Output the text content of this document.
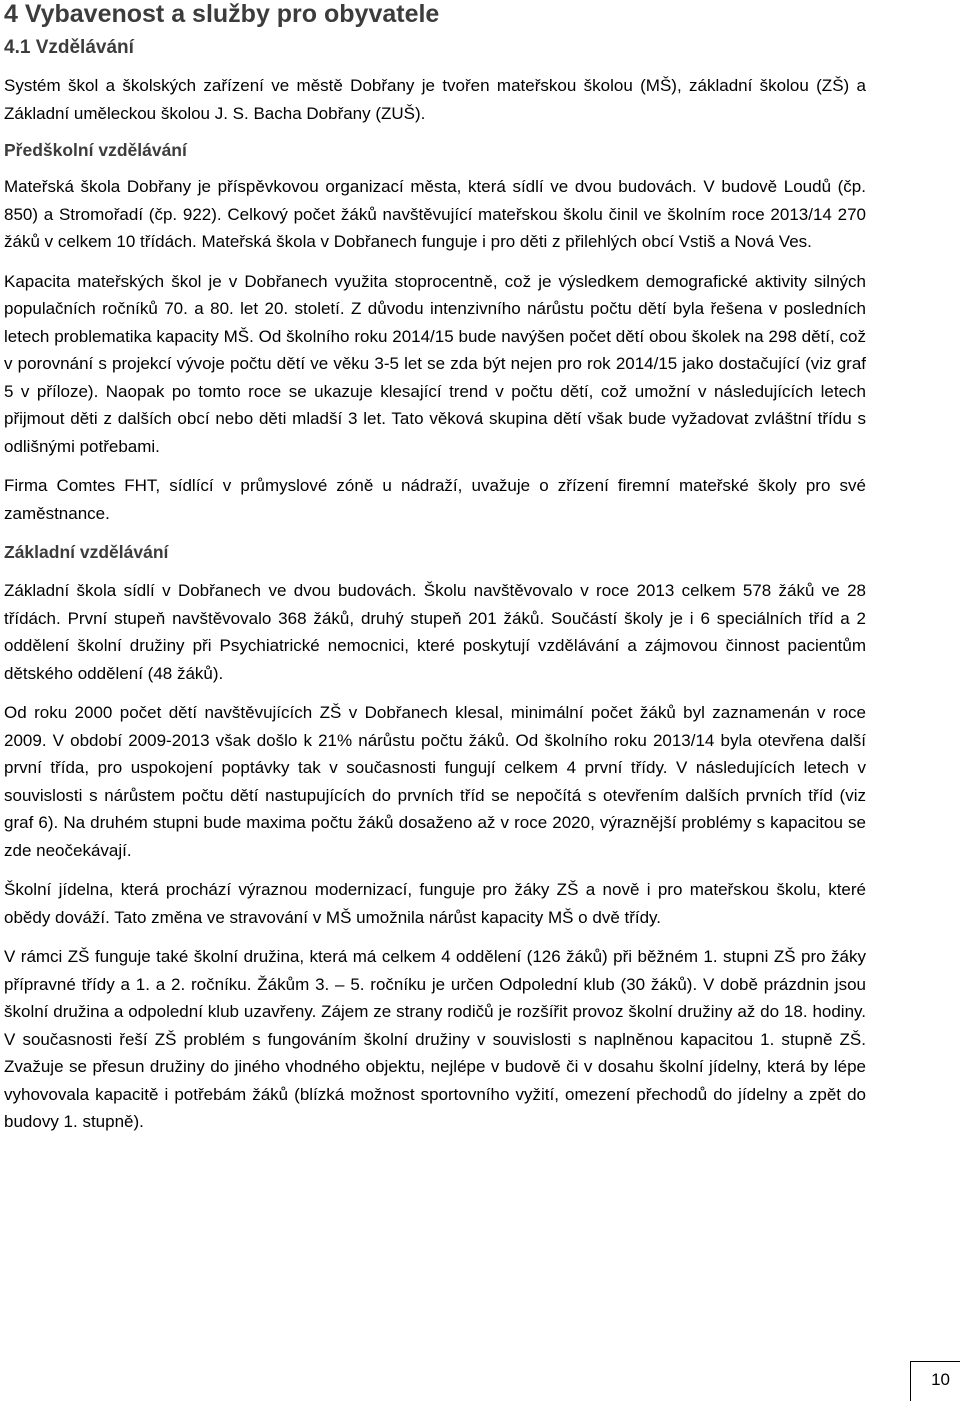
4 Vybavenost a služby pro obyvatele
4.1 Vzdělávání

Systém škol a školských zařízení ve městě Dobřany je tvořen mateřskou školou (MŠ), základní školou (ZŠ) a Základní uměleckou školou J. S. Bacha Dobřany (ZUŠ).

Předškolní vzdělávání

Mateřská škola Dobřany je příspěvkovou organizací města, která sídlí ve dvou budovách. V budově Loudů (čp. 850) a Stromořadí (čp. 922). Celkový počet žáků navštěvující mateřskou školu činil ve školním roce 2013/14 270 žáků v celkem 10 třídách. Mateřská škola v Dobřanech funguje i pro děti z přilehlých obcí Vstiš a Nová Ves.

Kapacita mateřských škol je v Dobřanech využita stoprocentně, což je výsledkem demografické aktivity silných populačních ročníků 70. a 80. let 20. století. Z důvodu intenzivního nárůstu počtu dětí byla řešena v posledních letech problematika kapacity MŠ. Od školního roku 2014/15 bude navýšen počet dětí obou školek na 298 dětí, což v porovnání s projekcí vývoje počtu dětí ve věku 3-5 let se zda být nejen pro rok 2014/15 jako dostačující (viz graf 5 v příloze). Naopak po tomto roce se ukazuje klesající trend v počtu dětí, což umožní v následujících letech přijmout děti z dalších obcí nebo děti mladší 3 let. Tato věková skupina dětí však bude vyžadovat zvláštní třídu s odlišnými potřebami.

Firma Comtes FHT, sídlící v průmyslové zóně u nádraží, uvažuje o zřízení firemní mateřské školy pro své zaměstnance.

Základní vzdělávání

Základní škola sídlí v Dobřanech ve dvou budovách. Školu navštěvovalo v roce 2013 celkem 578 žáků ve 28 třídách. První stupeň navštěvovalo 368 žáků, druhý stupeň 201 žáků. Součástí školy je i 6 speciálních tříd a 2 oddělení školní družiny při Psychiatrické nemocnici, které poskytují vzdělávání a zájmovou činnost pacientům dětského oddělení (48 žáků).

Od roku 2000 počet dětí navštěvujících ZŠ v Dobřanech klesal, minimální počet žáků byl zaznamenán v roce 2009. V období 2009-2013 však došlo k 21% nárůstu počtu žáků. Od školního roku 2013/14 byla otevřena další první třída, pro uspokojení poptávky tak v současnosti fungují celkem 4 první třídy. V následujících letech v souvislosti s nárůstem počtu dětí nastupujících do prvních tříd se nepočítá s otevřením dalších prvních tříd (viz graf 6). Na druhém stupni bude maxima počtu žáků dosaženo až v roce 2020, výraznější problémy s kapacitou se zde neočekávají.

Školní jídelna, která prochází výraznou modernizací, funguje pro žáky ZŠ a nově i pro mateřskou školu, které obědy dováží. Tato změna ve stravování v MŠ umožnila nárůst kapacity MŠ o dvě třídy.

V rámci ZŠ funguje také školní družina, která má celkem 4 oddělení (126 žáků) při běžném 1. stupni ZŠ pro žáky přípravné třídy a 1. a 2. ročníku. Žákům 3. – 5. ročníku je určen Odpolední klub (30 žáků). V době prázdnin jsou školní družina a odpolední klub uzavřeny. Zájem ze strany rodičů je rozšířit provoz školní družiny až do 18. hodiny. V současnosti řeší ZŠ problém s fungováním školní družiny v souvislosti s naplněnou kapacitou 1. stupně ZŠ. Zvažuje se přesun družiny do jiného vhodného objektu, nejlépe v budově či v dosahu školní jídelny, která by lépe vyhovovala kapacitě i potřebám žáků (blízká možnost sportovního vyžití, omezení přechodů do jídelny a zpět do budovy 1. stupně).

10
